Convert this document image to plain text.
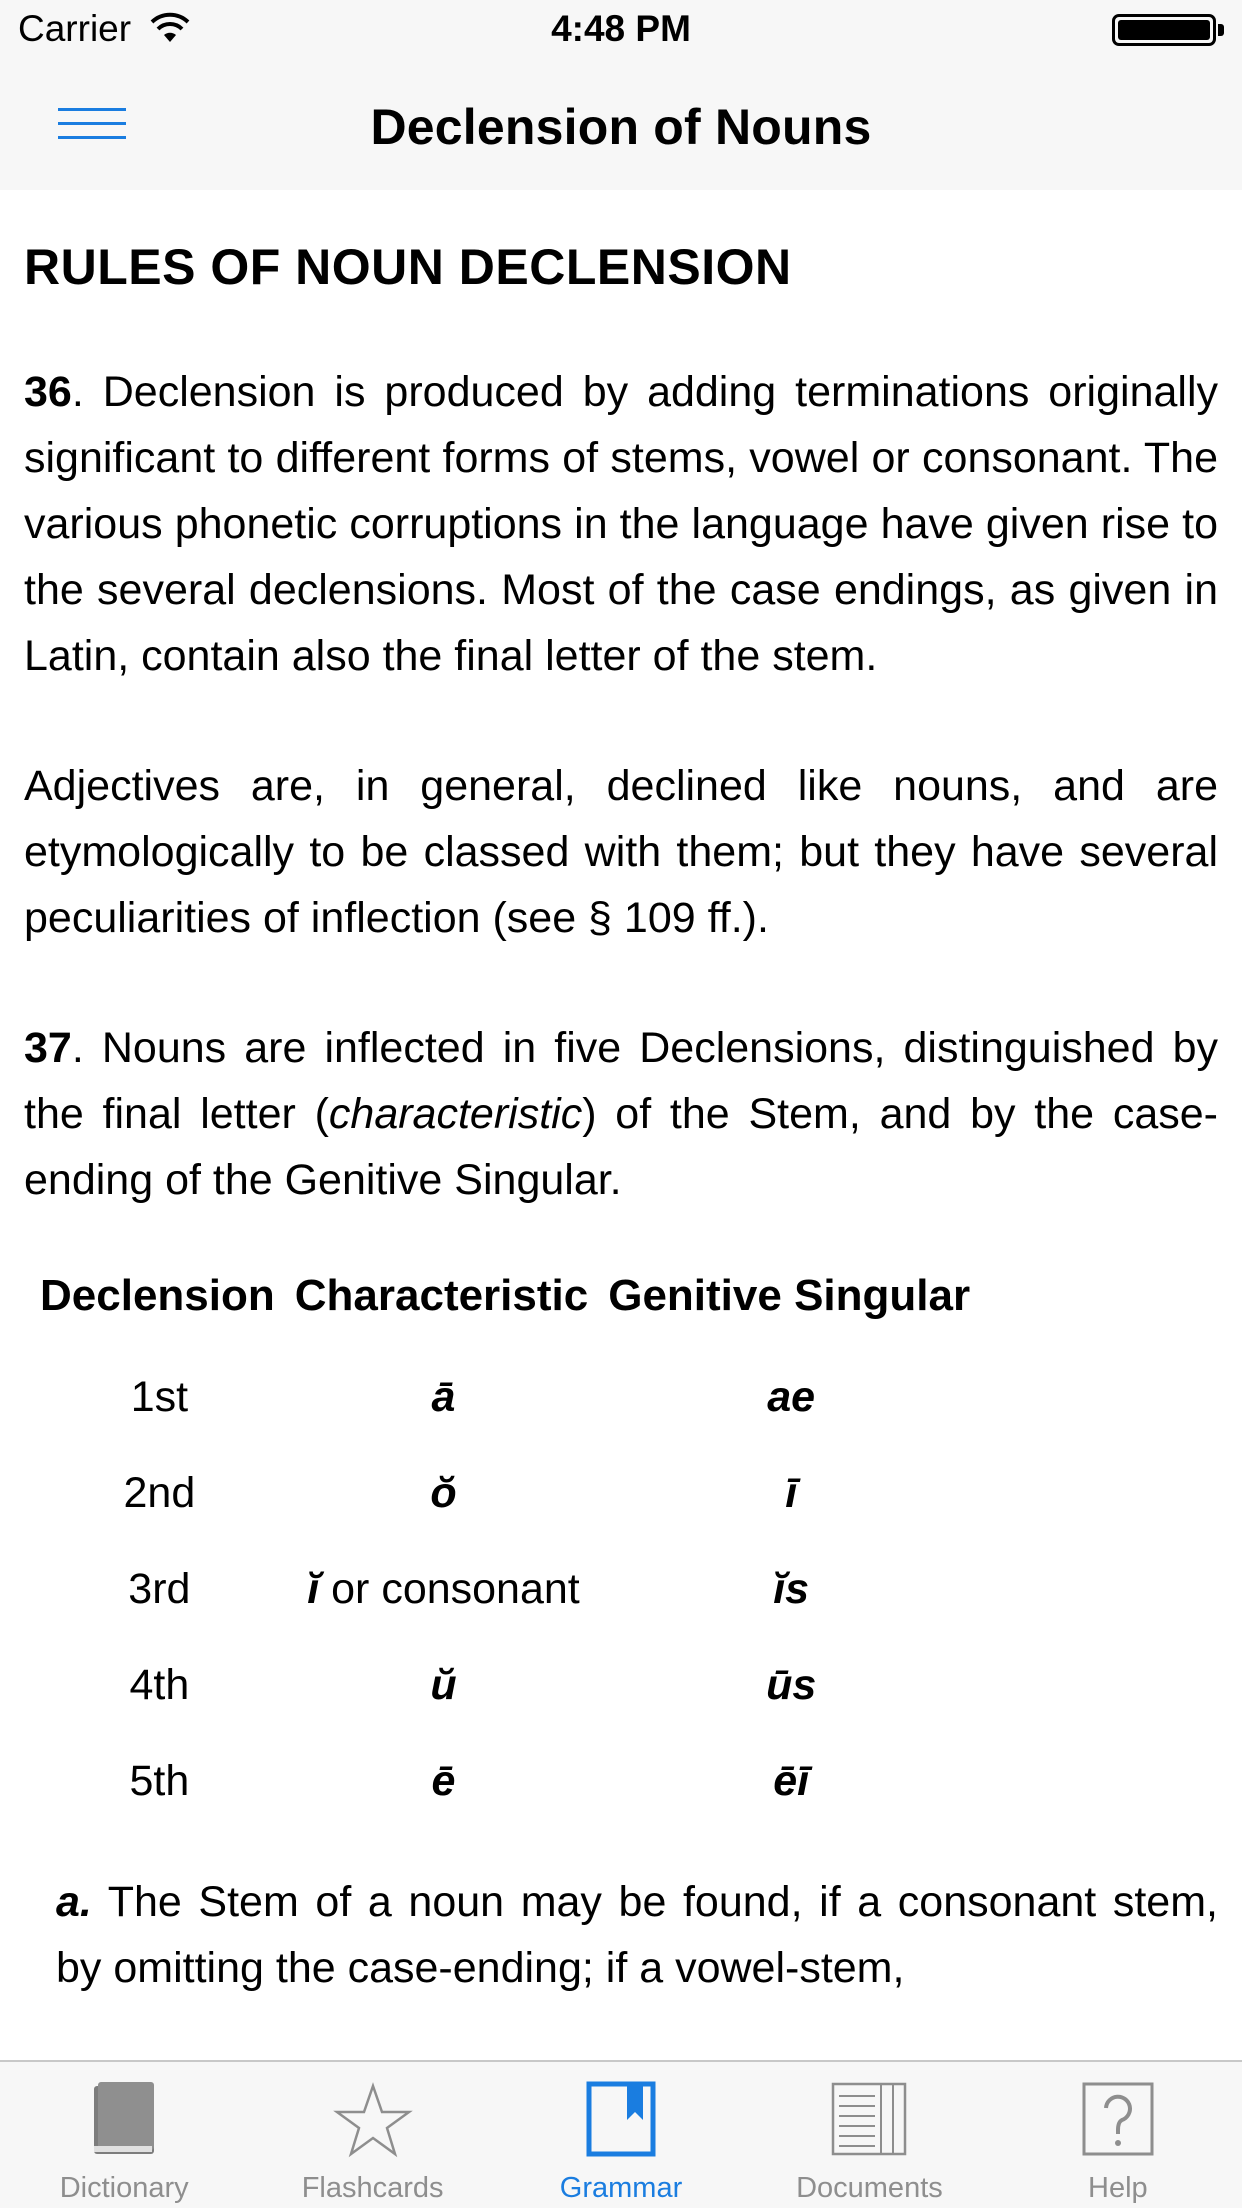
Carrier	4:48 PM
Declension of Nouns
RULES OF NOUN DECLENSION

36. Declension is produced by adding terminations originally significant to different forms of stems, vowel or consonant. The various phonetic corruptions in the language have given rise to the several declensions. Most of the case endings, as given in Latin, contain also the final letter of the stem.

Adjectives are, in general, declined like nouns, and are etymologically to be classed with them; but they have several peculiarities of inflection (see § 109 ff.).

37. Nouns are inflected in five Declensions, distinguished by the final letter (characteristic) of the Stem, and by the case-ending of the Genitive Singular.

Declension	Characteristic	Genitive Singular
1st	ā	ae
2nd	ŏ	ī
3rd	ĭ or consonant	ĭs
4th	ŭ	ūs
5th	ē	ēī

a. The Stem of a noun may be found, if a consonant stem, by omitting the case-ending; if a vowel-stem,

Dictionary	Flashcards	Grammar	Documents	Help
